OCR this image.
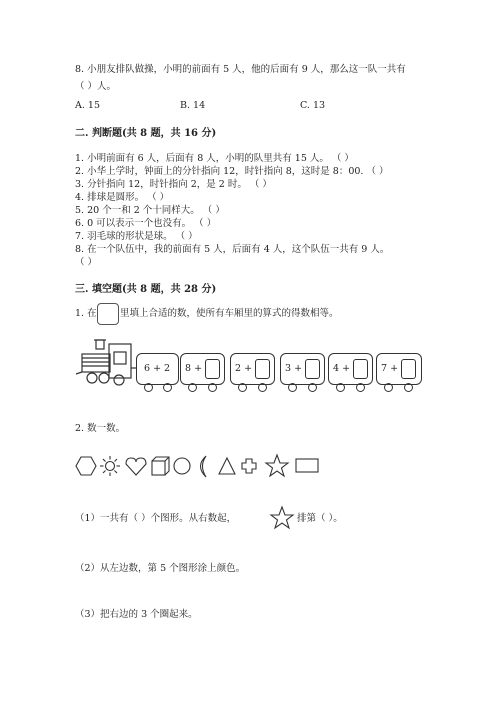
8. 小朋友排队做操，小明的前面有 5 人，他的后面有 9 人，那么这一队一共有
（ ）人。
A. 15	B. 14	C. 13
二. 判断题(共 8 题，共 16 分)
1. 小明前面有 6 人，后面有 8 人，小明的队里共有 15 人。 （ ）
2. 小华上学时，钟面上的分针指向 12，时针指向 8，这时是 8：00. （ ）
3. 分针指向 12，时针指向 2，是 2 时。 （ ）
4. 排球是圆形。 （ ）
5. 20 个一和 2 个十同样大。 （ ）
6. 0 可以表示一个也没有。 （ ）
7. 羽毛球的形状是球。 （ ）
8. 在一个队伍中，我的前面有 5 人，后面有 4 人，这个队伍一共有 9 人。
（ ）
三. 填空题(共 8 题，共 28 分)
1. 在 里填上合适的数，使所有车厢里的算式的得数相等。
6 + 2 8 +	2 +	3 +	4 +	7 +
2. 数一数。
（1）一共有（ ）个图形。从右数起，	排第（ ）。
（2）从左边数，第 5 个图形涂上颜色。
（3）把右边的 3 个圈起来。
